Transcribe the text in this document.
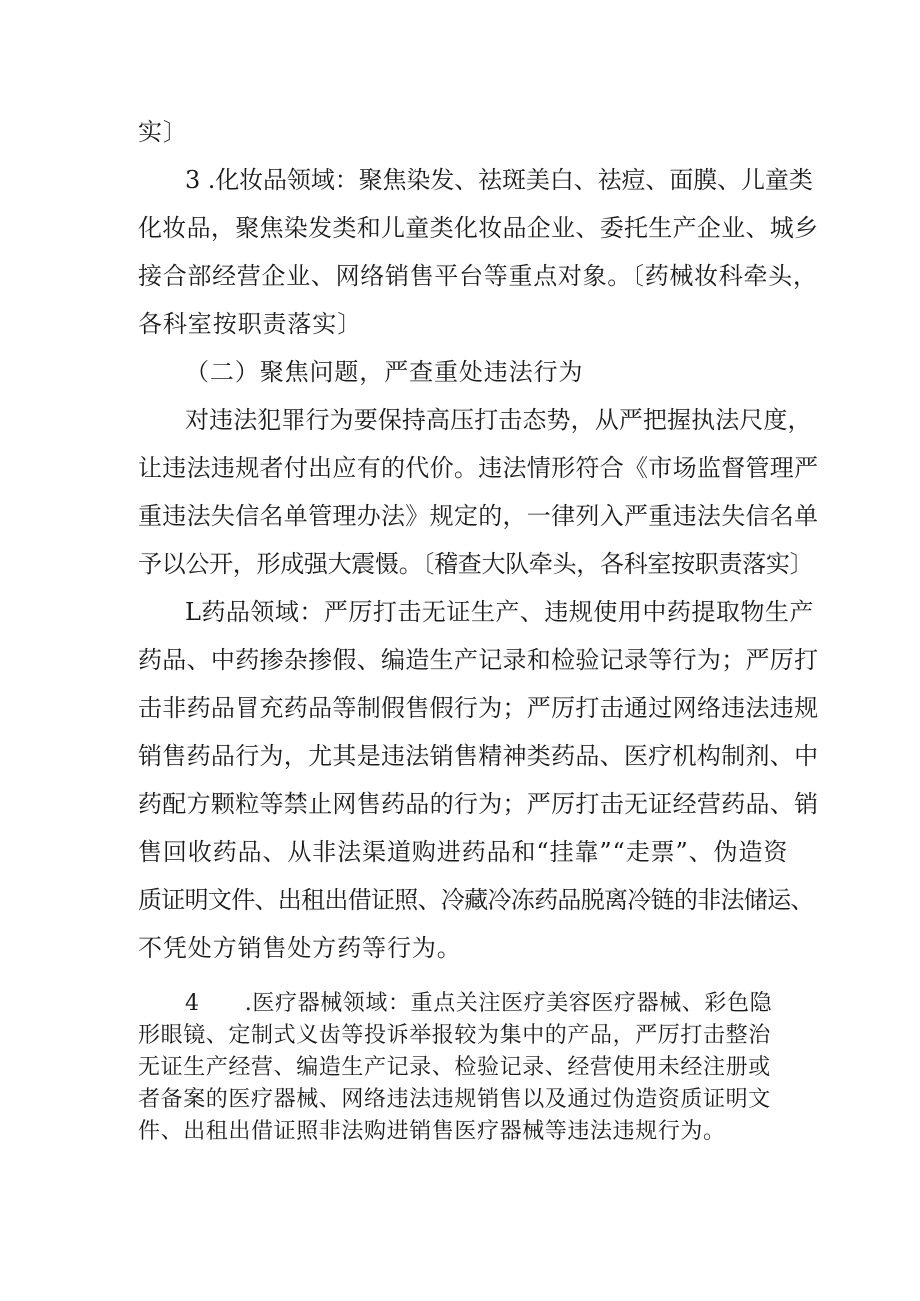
实〕
3 .化妆品领域：聚焦染发、祛斑美白、祛痘、面膜、儿童类
化妆品，聚焦染发类和儿童类化妆品企业、委托生产企业、城乡
接合部经营企业、网络销售平台等重点对象。〔药械妆科牵头，
各科室按职责落实〕
（二）聚焦问题，严查重处违法行为
对违法犯罪行为要保持高压打击态势，从严把握执法尺度，
让违法违规者付出应有的代价。违法情形符合《市场监督管理严
重违法失信名单管理办法》规定的，一律列入严重违法失信名单
予以公开，形成强大震慑。〔稽查大队牵头，各科室按职责落实〕
L药品领域：严厉打击无证生产、违规使用中药提取物生产
药品、中药掺杂掺假、编造生产记录和检验记录等行为；严厉打
击非药品冒充药品等制假售假行为；严厉打击通过网络违法违规
销售药品行为，尤其是违法销售精神类药品、医疗机构制剂、中
药配方颗粒等禁止网售药品的行为；严厉打击无证经营药品、销
售回收药品、从非法渠道购进药品和“挂靠”“走票”、伪造资
质证明文件、出租出借证照、冷藏冷冻药品脱离冷链的非法储运、
不凭处方销售处方药等行为。
4　　.医疗器械领域：重点关注医疗美容医疗器械、彩色隐
形眼镜、定制式义齿等投诉举报较为集中的产品，严厉打击整治
无证生产经营、编造生产记录、检验记录、经营使用未经注册或
者备案的医疗器械、网络违法违规销售以及通过伪造资质证明文
件、出租出借证照非法购进销售医疗器械等违法违规行为。
